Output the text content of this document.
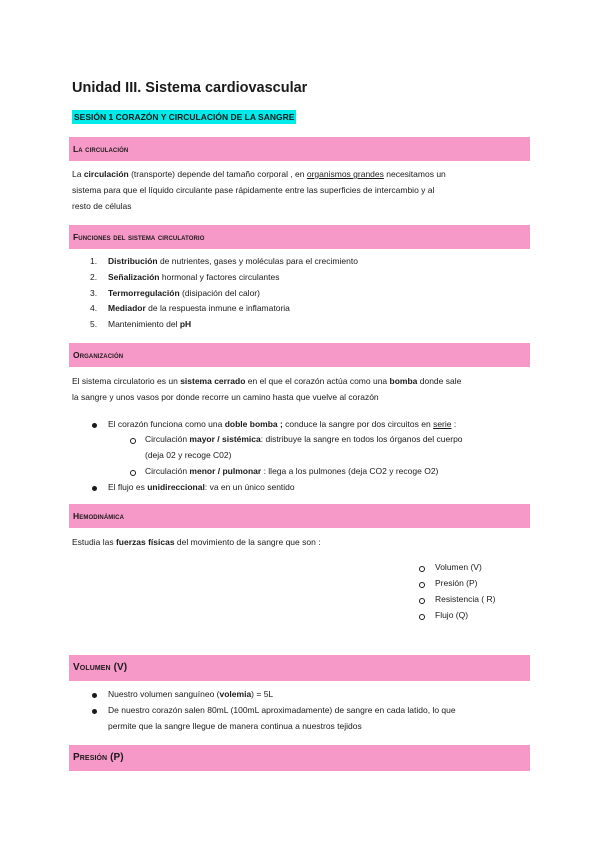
Unidad III. Sistema cardiovascular
SESIÓN 1 CORAZÓN Y CIRCULACIÓN DE LA SANGRE
La circulación

La circulación (transporte) depende del tamaño corporal , en organismos grandes necesitamos un
sistema para que el líquido circulante pase rápidamente entre las superficies de intercambio y al
resto de células

Funciones del sistema circulatorio
1. Distribución de nutrientes, gases y moléculas para el crecimiento
2. Señalización hormonal y factores circulantes
3. Termorregulación (disipación del calor)
4. Mediador de la respuesta inmune e inflamatoria
5. Mantenimiento del pH
Organización
El sistema circulatorio es un sistema cerrado en el que el corazón actúa como una bomba donde sale
la sangre y unos vasos por donde recorre un camino hasta que vuelve al corazón
El corazón funciona como una doble bomba ; conduce la sangre por dos circuitos en serie :
Circulación mayor / sistémica: distribuye la sangre en todos los órganos del cuerpo
(deja 02 y recoge C02)
Circulación menor / pulmonar : llega a los pulmones (deja CO2 y recoge O2)
El flujo es unidireccional: va en un único sentido
Hemodinámica
Estudia las fuerzas físicas del movimiento de la sangre que son :
Volumen (V)
Presión (P)
Resistencia ( R)
Flujo (Q)
Volumen (V)
Nuestro volumen sanguíneo (volemia) = 5L
De nuestro corazón salen 80mL (100mL aproximadamente) de sangre en cada latido, lo que
permite que la sangre llegue de manera continua a nuestros tejidos
Presión (P)
